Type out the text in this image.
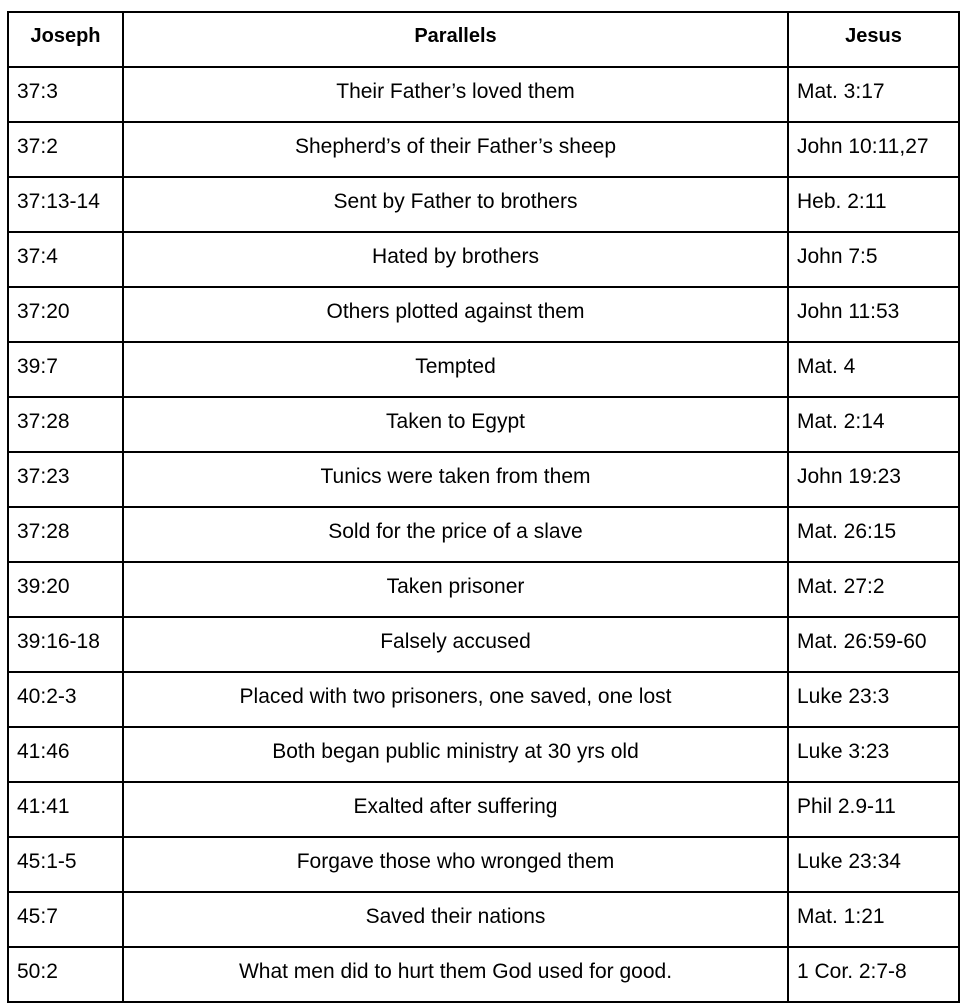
Joseph	Parallels	Jesus
37:3	Their Father’s loved them	Mat. 3:17
37:2	Shepherd’s of their Father’s sheep	John 10:11,27
37:13-14	Sent by Father to brothers	Heb. 2:11
37:4	Hated by brothers	John 7:5
37:20	Others plotted against them	John 11:53
39:7	Tempted	Mat. 4
37:28	Taken to Egypt	Mat. 2:14
37:23	Tunics were taken from them	John 19:23
37:28	Sold for the price of a slave	Mat. 26:15
39:20	Taken prisoner	Mat. 27:2
39:16-18	Falsely accused	Mat. 26:59-60
40:2-3	Placed with two prisoners, one saved, one lost	Luke 23:3
41:46	Both began public ministry at 30 yrs old	Luke 3:23
41:41	Exalted after suffering	Phil 2.9-11
45:1-5	Forgave those who wronged them	Luke 23:34
45:7	Saved their nations	Mat. 1:21
50:2	What men did to hurt them God used for good.	1 Cor. 2:7-8
